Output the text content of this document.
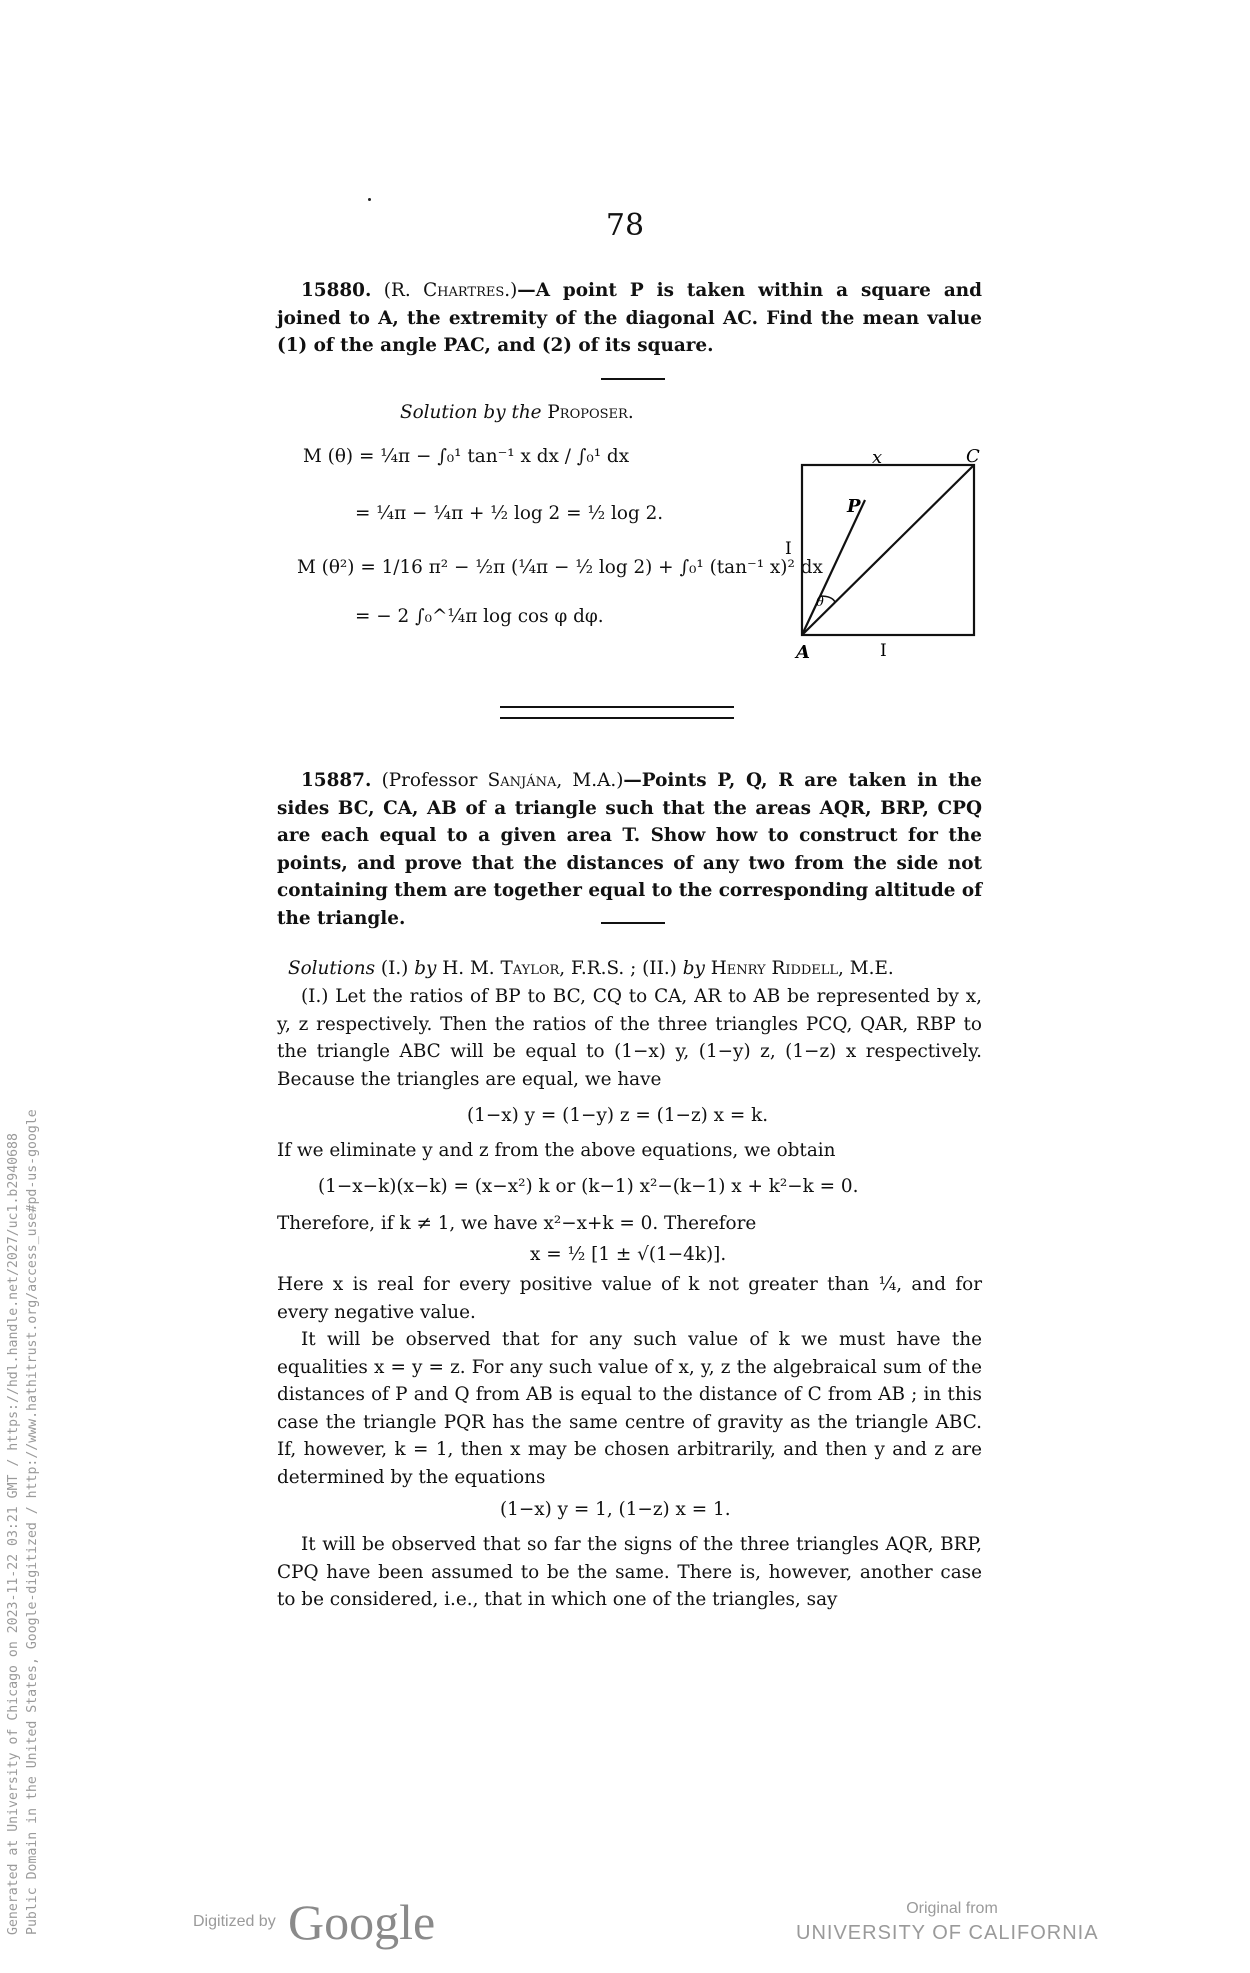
78
15880. (R. Chartres.)—A point P is taken within a square and joined to A, the extremity of the diagonal AC. Find the mean value (1) of the angle PAC, and (2) of its square.
Solution by the Proposer.
M (θ) = ¼π − ∫₀¹ tan⁻¹ x dx / ∫₀¹ dx
= ¼π − ¼π + ½ log 2 = ½ log 2.
M (θ²) = 1/16 π² − ½π (¼π − ½ log 2) + ∫₀¹ (tan⁻¹ x)² dx
= − 2 ∫₀^¼π log cos φ dφ.
x	C
P
I
θ
A	I
15887. (Professor Sanjána, M.A.)—Points P, Q, R are taken in the sides BC, CA, AB of a triangle such that the areas AQR, BRP, CPQ are each equal to a given area T. Show how to construct for the points, and prove that the distances of any two from the side not containing them are together equal to the corresponding altitude of the triangle.
Solutions (I.) by H. M. Taylor, F.R.S. ; (II.) by Henry Riddell, M.E.
(I.) Let the ratios of BP to BC, CQ to CA, AR to AB be represented by x, y, z respectively. Then the ratios of the three triangles PCQ, QAR, RBP to the triangle ABC will be equal to (1−x) y, (1−y) z, (1−z) x respectively. Because the triangles are equal, we have
(1−x) y = (1−y) z = (1−z) x = k.
If we eliminate y and z from the above equations, we obtain
(1−x−k)(x−k) = (x−x²) k or (k−1) x²−(k−1) x + k²−k = 0.
Therefore, if k ≠ 1, we have x²−x+k = 0. Therefore
x = ½ [1 ± √(1−4k)].
Here x is real for every positive value of k not greater than ¼, and for every negative value.
It will be observed that for any such value of k we must have the equalities x = y = z. For any such value of x, y, z the algebraical sum of the distances of P and Q from AB is equal to the distance of C from AB ; in this case the triangle PQR has the same centre of gravity as the triangle ABC. If, however, k = 1, then x may be chosen arbitrarily, and then y and z are determined by the equations
(1−x) y = 1, (1−z) x = 1.
It will be observed that so far the signs of the three triangles AQR, BRP, CPQ have been assumed to be the same. There is, however, another case to be considered, i.e., that in which one of the triangles, say
Generated at University of Chicago on 2023-11-22 03:21 GMT / https://hdl.handle.net/2027/uc1.b2940688 Public Domain in the United States, Google-digitized / http://www.hathitrust.org/access_use#pd-us-google	Digitized by Google	Original from
UNIVERSITY OF CALIFORNIA
